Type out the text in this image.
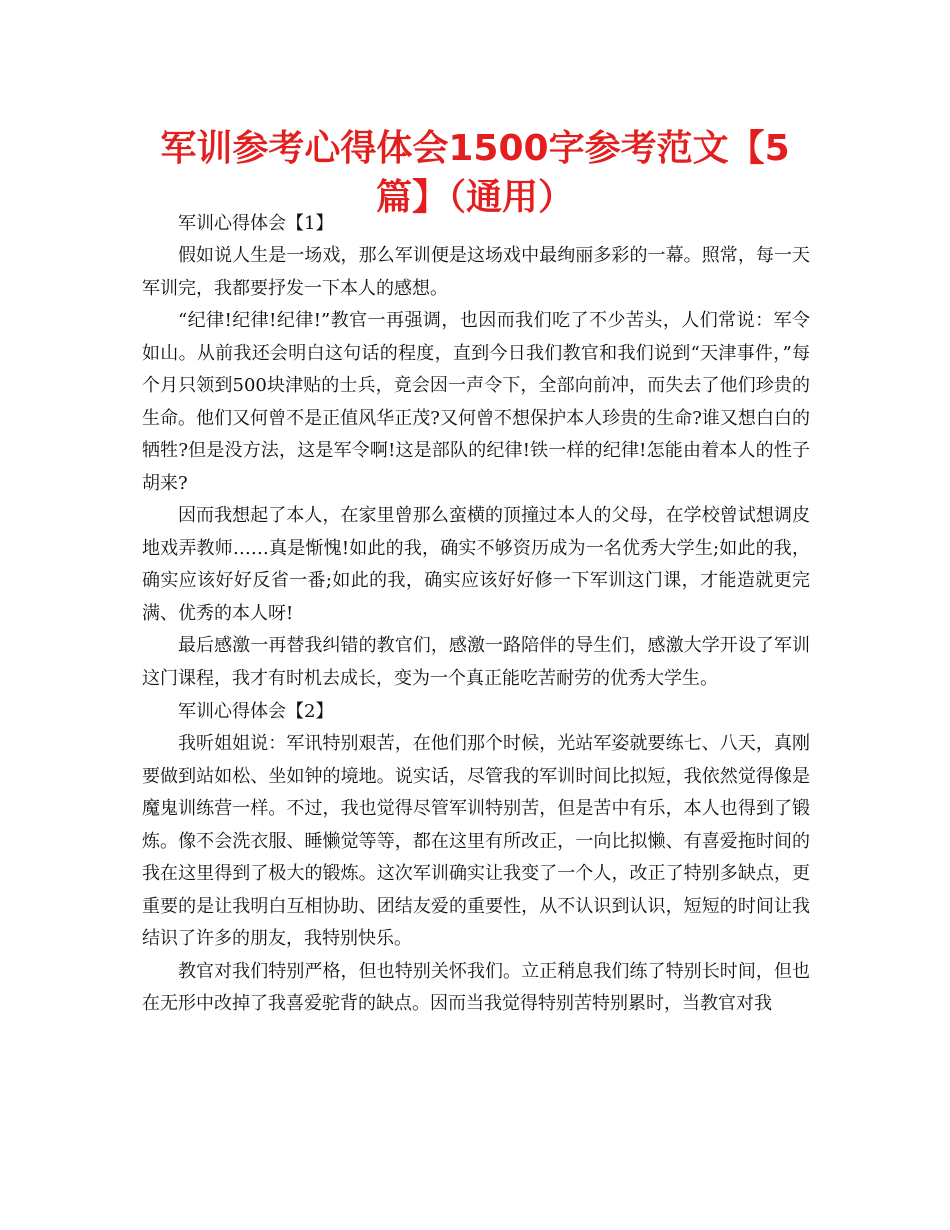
军训参考心得体会1500字参考范文【5篇】（通用）

军训心得体会【1】

假如说人生是一场戏，那么军训便是这场戏中最绚丽多彩的一幕。照常，每一天军训完，我都要抒发一下本人的感想。

“纪律!纪律!纪律!”教官一再强调，也因而我们吃了不少苦头，人们常说：军令如山。从前我还会明白这句话的程度，直到今日我们教官和我们说到“天津事件，”每个月只领到500块津贴的士兵，竟会因一声令下，全部向前冲，而失去了他们珍贵的生命。他们又何曾不是正值风华正茂?又何曾不想保护本人珍贵的生命?谁又想白白的牺牲?但是没方法，这是军令啊!这是部队的纪律!铁一样的纪律!怎能由着本人的性子胡来?

因而我想起了本人，在家里曾那么蛮横的顶撞过本人的父母，在学校曾试想调皮地戏弄教师……真是惭愧!如此的我，确实不够资历成为一名优秀大学生;如此的我，确实应该好好反省一番;如此的我，确实应该好好修一下军训这门课，才能造就更完满、优秀的本人呀!

最后感激一再替我纠错的教官们，感激一路陪伴的导生们，感激大学开设了军训这门课程，我才有时机去成长，变为一个真正能吃苦耐劳的优秀大学生。

军训心得体会【2】

我听姐姐说：军讯特别艰苦，在他们那个时候，光站军姿就要练七、八天，真刚要做到站如松、坐如钟的境地。说实话，尽管我的军训时间比拟短，我依然觉得像是魔鬼训练营一样。不过，我也觉得尽管军训特别苦，但是苦中有乐，本人也得到了锻炼。像不会洗衣服、睡懒觉等等，都在这里有所改正，一向比拟懒、有喜爱拖时间的我在这里得到了极大的锻炼。这次军训确实让我变了一个人，改正了特别多缺点，更重要的是让我明白互相协助、团结友爱的重要性，从不认识到认识，短短的时间让我结识了许多的朋友，我特别快乐。

教官对我们特别严格，但也特别关怀我们。立正稍息我们练了特别长时间，但也在无形中改掉了我喜爱驼背的缺点。因而当我觉得特别苦特别累时，当教官对我
